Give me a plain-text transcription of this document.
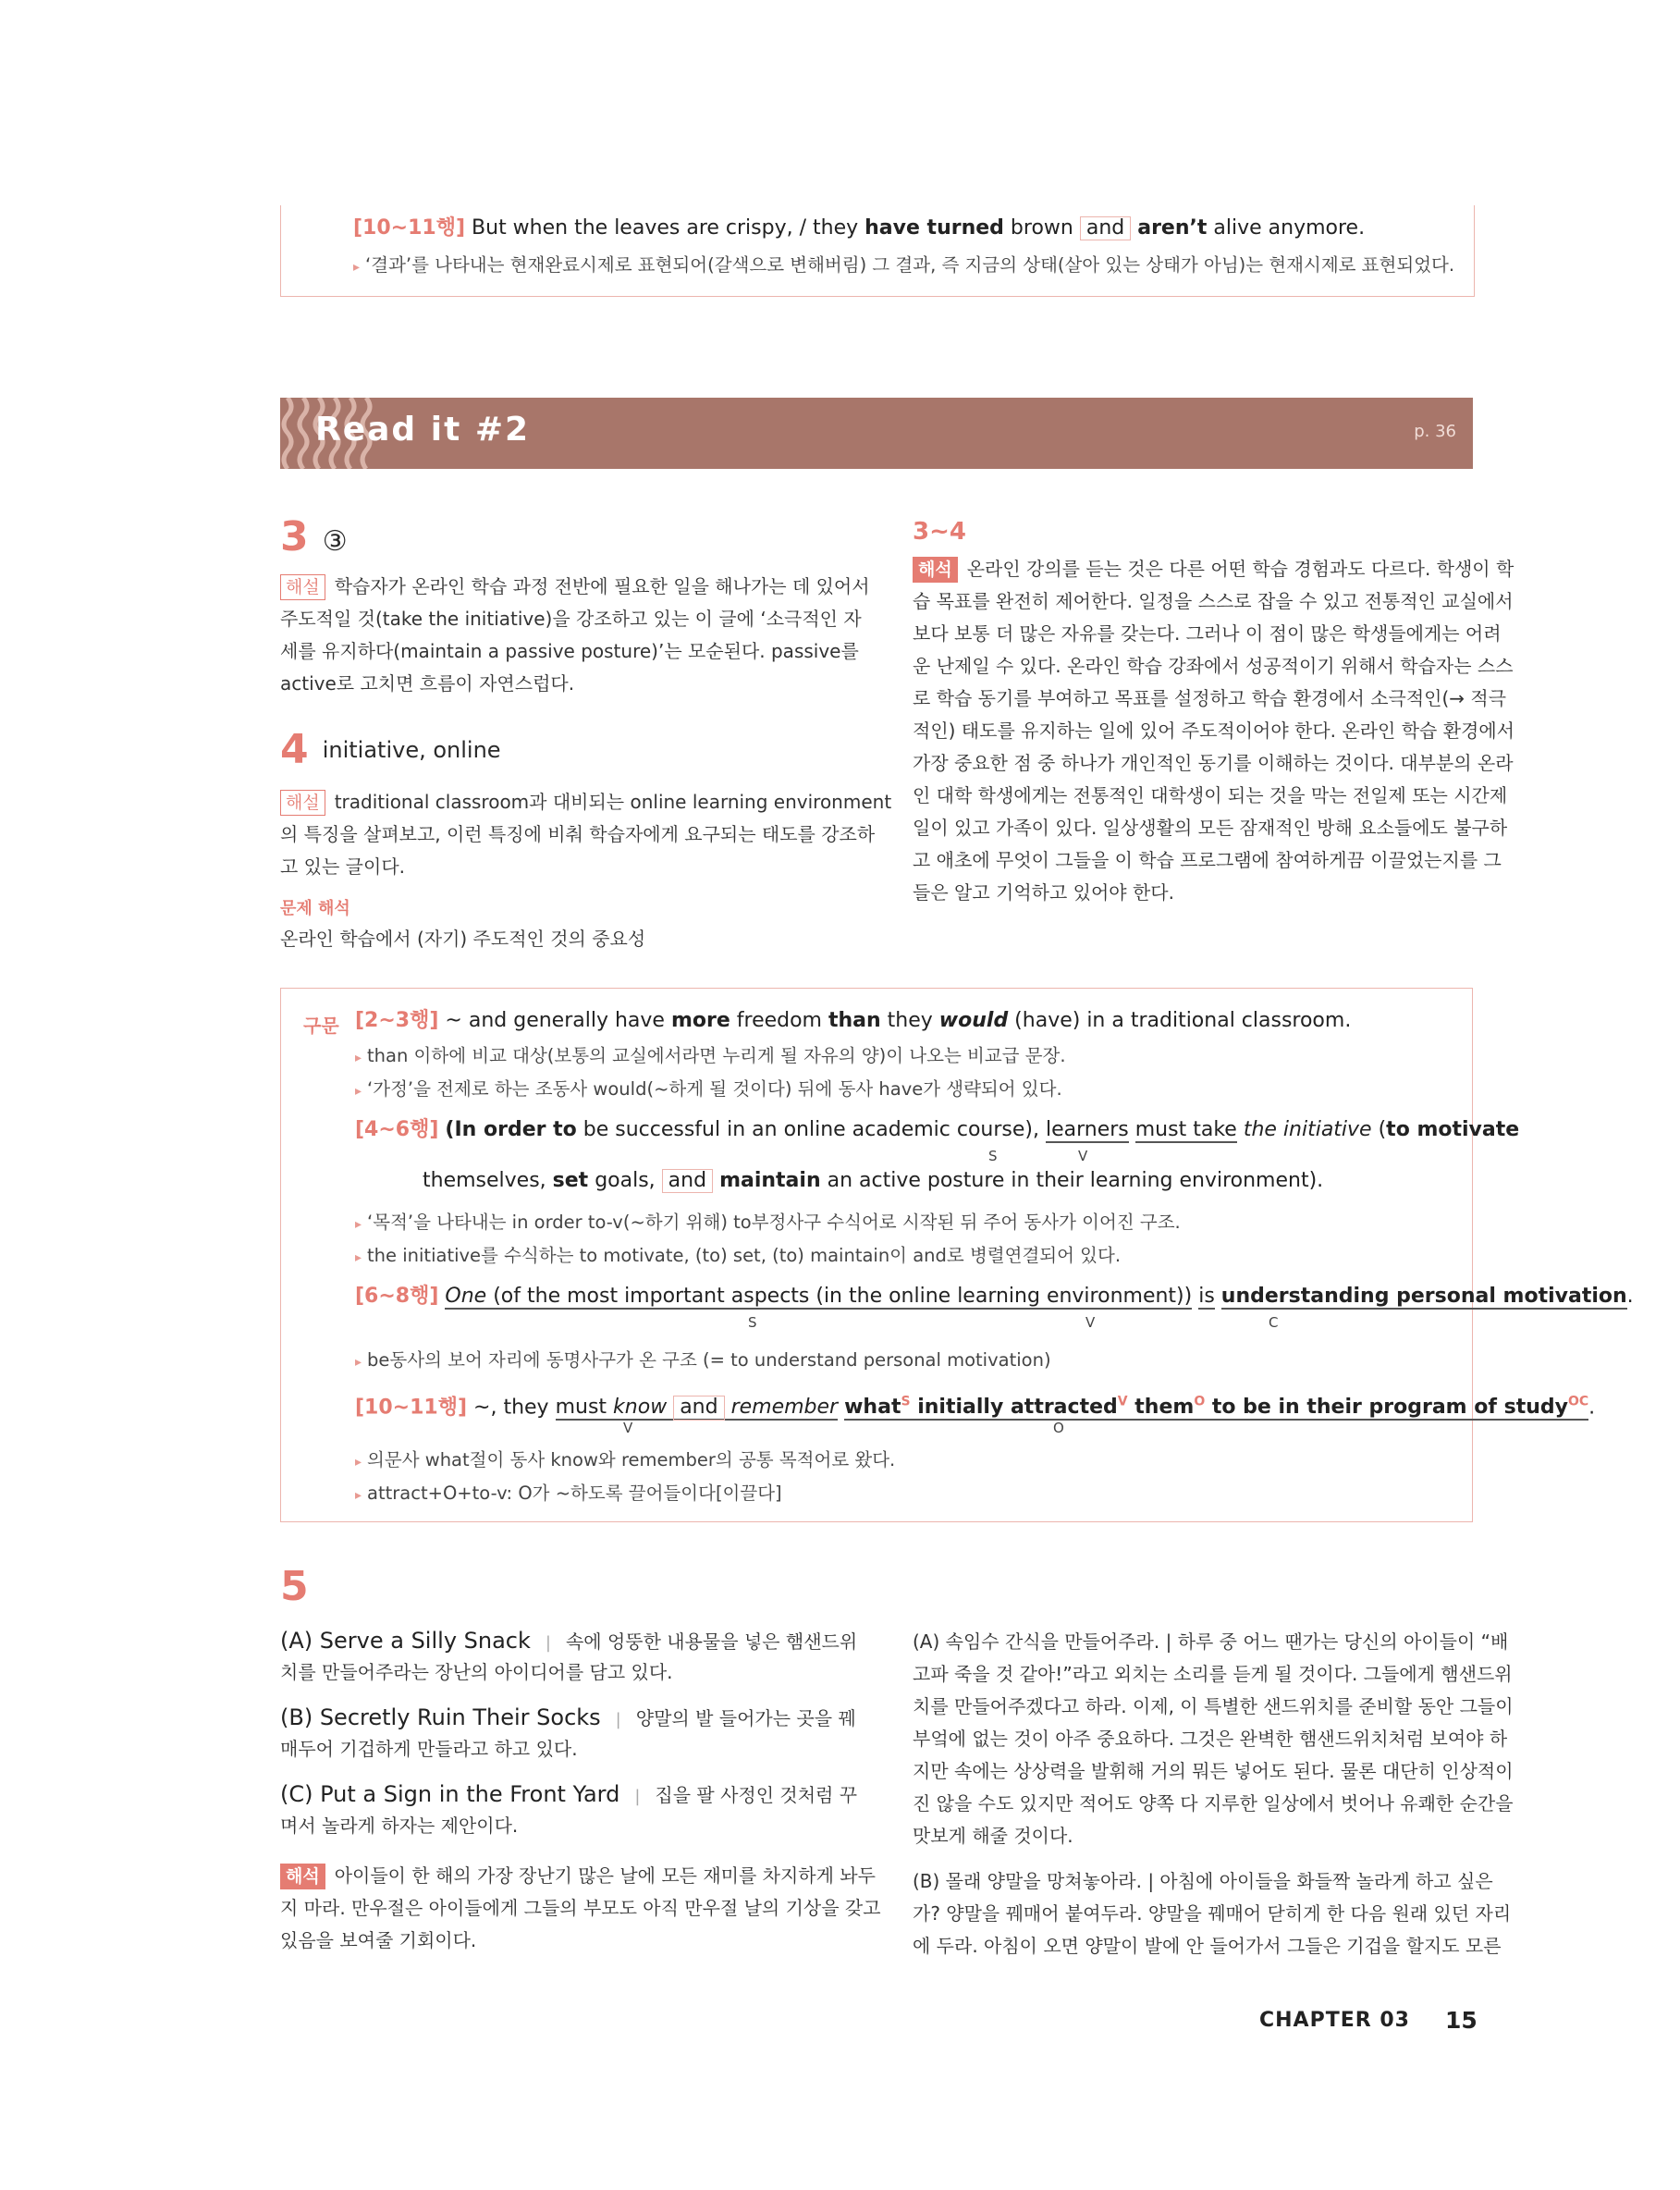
[10~11행] But when the leaves are crispy, / they have turned brown and aren’t alive anymore.
▸ ‘결과’를 나타내는 현재완료시제로 표현되어(갈색으로 변해버림) 그 결과, 즉 지금의 상태(살아 있는 상태가 아님)는 현재시제로 표현되었다.
Read it #2	p. 36
3 ③
해설 학습자가 온라인 학습 과정 전반에 필요한 일을 해나가는 데 있어서
주도적일 것(take the initiative)을 강조하고 있는 이 글에 ‘소극적인 자
세를 유지하다(maintain a passive posture)’는 모순된다. passive를
active로 고치면 흐름이 자연스럽다.
4 initiative, online
해설 traditional classroom과 대비되는 online learning environment
의 특징을 살펴보고, 이런 특징에 비춰 학습자에게 요구되는 태도를 강조하
고 있는 글이다.
문제 해석
온라인 학습에서 (자기) 주도적인 것의 중요성
3~4
해석 온라인 강의를 듣는 것은 다른 어떤 학습 경험과도 다르다. 학생이 학
습 목표를 완전히 제어한다. 일정을 스스로 잡을 수 있고 전통적인 교실에서
보다 보통 더 많은 자유를 갖는다. 그러나 이 점이 많은 학생들에게는 어려
운 난제일 수 있다. 온라인 학습 강좌에서 성공적이기 위해서 학습자는 스스
로 학습 동기를 부여하고 목표를 설정하고 학습 환경에서 소극적인(→ 적극
적인) 태도를 유지하는 일에 있어 주도적이어야 한다. 온라인 학습 환경에서
가장 중요한 점 중 하나가 개인적인 동기를 이해하는 것이다. 대부분의 온라
인 대학 학생에게는 전통적인 대학생이 되는 것을 막는 전일제 또는 시간제
일이 있고 가족이 있다. 일상생활의 모든 잠재적인 방해 요소들에도 불구하
고 애초에 무엇이 그들을 이 학습 프로그램에 참여하게끔 이끌었는지를 그
들은 알고 기억하고 있어야 한다.
구문 [2~3행] ~ and generally have more freedom than they would (have) in a traditional classroom.
▸ than 이하에 비교 대상(보통의 교실에서라면 누리게 될 자유의 양)이 나오는 비교급 문장.
▸ ‘가정’을 전제로 하는 조동사 would(~하게 될 것이다) 뒤에 동사 have가 생략되어 있다.
[4~6행] (In order to be successful in an online academic course), learners must take the initiative (to motivate
S	V
themselves, set goals, and maintain an active posture in their learning environment).
▸ ‘목적’을 나타내는 in order to-v(~하기 위해) to부정사구 수식어로 시작된 뒤 주어 동사가 이어진 구조.
▸ the initiative를 수식하는 to motivate, (to) set, (to) maintain이 and로 병렬연결되어 있다.
[6~8행] One (of the most important aspects (in the online learning environment)) is understanding personal motivation.
S	V	C
▸ be동사의 보어 자리에 동명사구가 온 구조 (= to understand personal motivation)
[10~11행] ~, they must know and remember what$^S$ initially attracted$^V$ them$^O$ to be in their program of study$^{OC}$.
V	O
▸ 의문사 what절이 동사 know와 remember의 공통 목적어로 왔다.
▸ attract+O+to-v: O가 ~하도록 끌어들이다[이끌다]
5
(A) Serve a Silly Snack | 속에 엉뚱한 내용물을 넣은 햄샌드위
치를 만들어주라는 장난의 아이디어를 담고 있다.
(B) Secretly Ruin Their Socks | 양말의 발 들어가는 곳을 꿰
매두어 기겁하게 만들라고 하고 있다.
(C) Put a Sign in the Front Yard | 집을 팔 사정인 것처럼 꾸
며서 놀라게 하자는 제안이다.
해석 아이들이 한 해의 가장 장난기 많은 날에 모든 재미를 차지하게 놔두
지 마라. 만우절은 아이들에게 그들의 부모도 아직 만우절 날의 기상을 갖고
있음을 보여줄 기회이다.
(A) 속임수 간식을 만들어주라. | 하루 중 어느 땐가는 당신의 아이들이 “배
고파 죽을 것 같아!”라고 외치는 소리를 듣게 될 것이다. 그들에게 햄샌드위
치를 만들어주겠다고 하라. 이제, 이 특별한 샌드위치를 준비할 동안 그들이
부엌에 없는 것이 아주 중요하다. 그것은 완벽한 햄샌드위치처럼 보여야 하
지만 속에는 상상력을 발휘해 거의 뭐든 넣어도 된다. 물론 대단히 인상적이
진 않을 수도 있지만 적어도 양쪽 다 지루한 일상에서 벗어나 유쾌한 순간을
맛보게 해줄 것이다.
(B) 몰래 양말을 망쳐놓아라. | 아침에 아이들을 화들짝 놀라게 하고 싶은
가? 양말을 꿰매어 붙여두라. 양말을 꿰매어 닫히게 한 다음 원래 있던 자리
에 두라. 아침이 오면 양말이 발에 안 들어가서 그들은 기겁을 할지도 모른
CHAPTER 03 15
